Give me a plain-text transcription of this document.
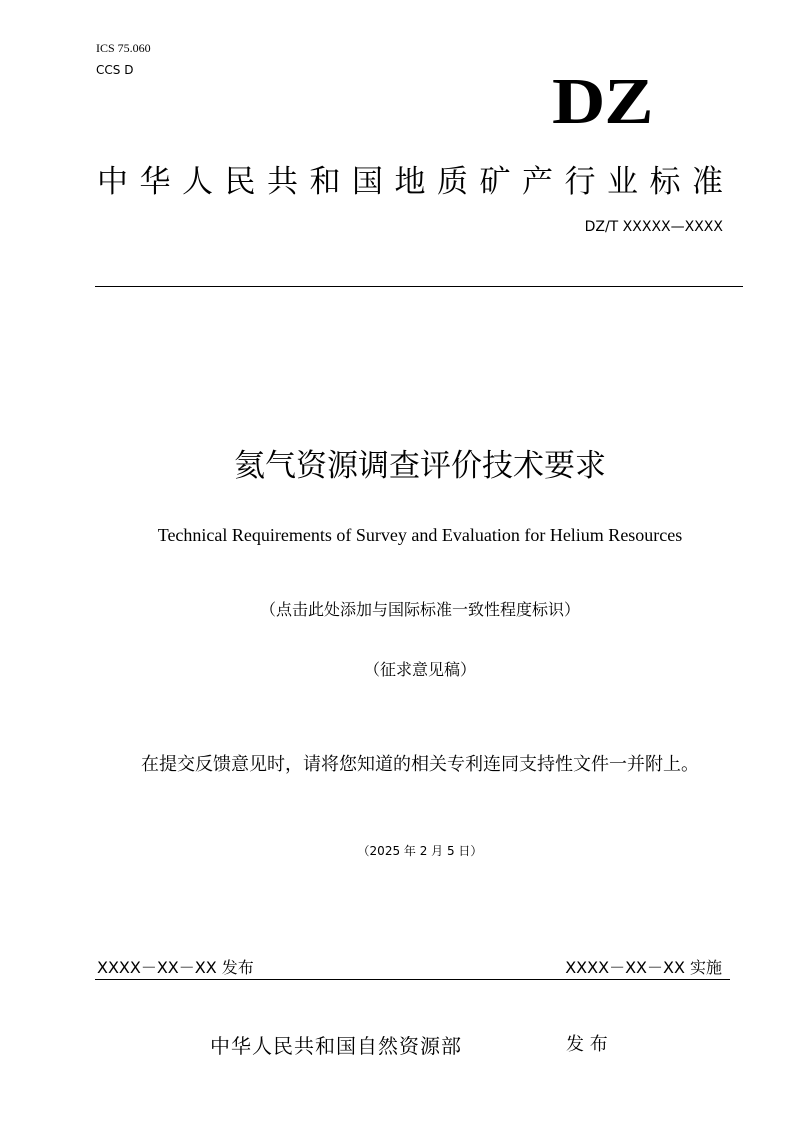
ICS 75.060
CCS D	DZ
中华人民共和国地质矿产行业标准
DZ/T XXXXX—XXXX
氦气资源调查评价技术要求
Technical Requirements of Survey and Evaluation for Helium Resources
（点击此处添加与国际标准一致性程度标识）
（征求意见稿）
在提交反馈意见时，请将您知道的相关专利连同支持性文件一并附上。
（2025 年 2 月 5 日）
XXXX－XX－XX 发布	XXXX－XX－XX 实施
中华人民共和国自然资源部	发 布
